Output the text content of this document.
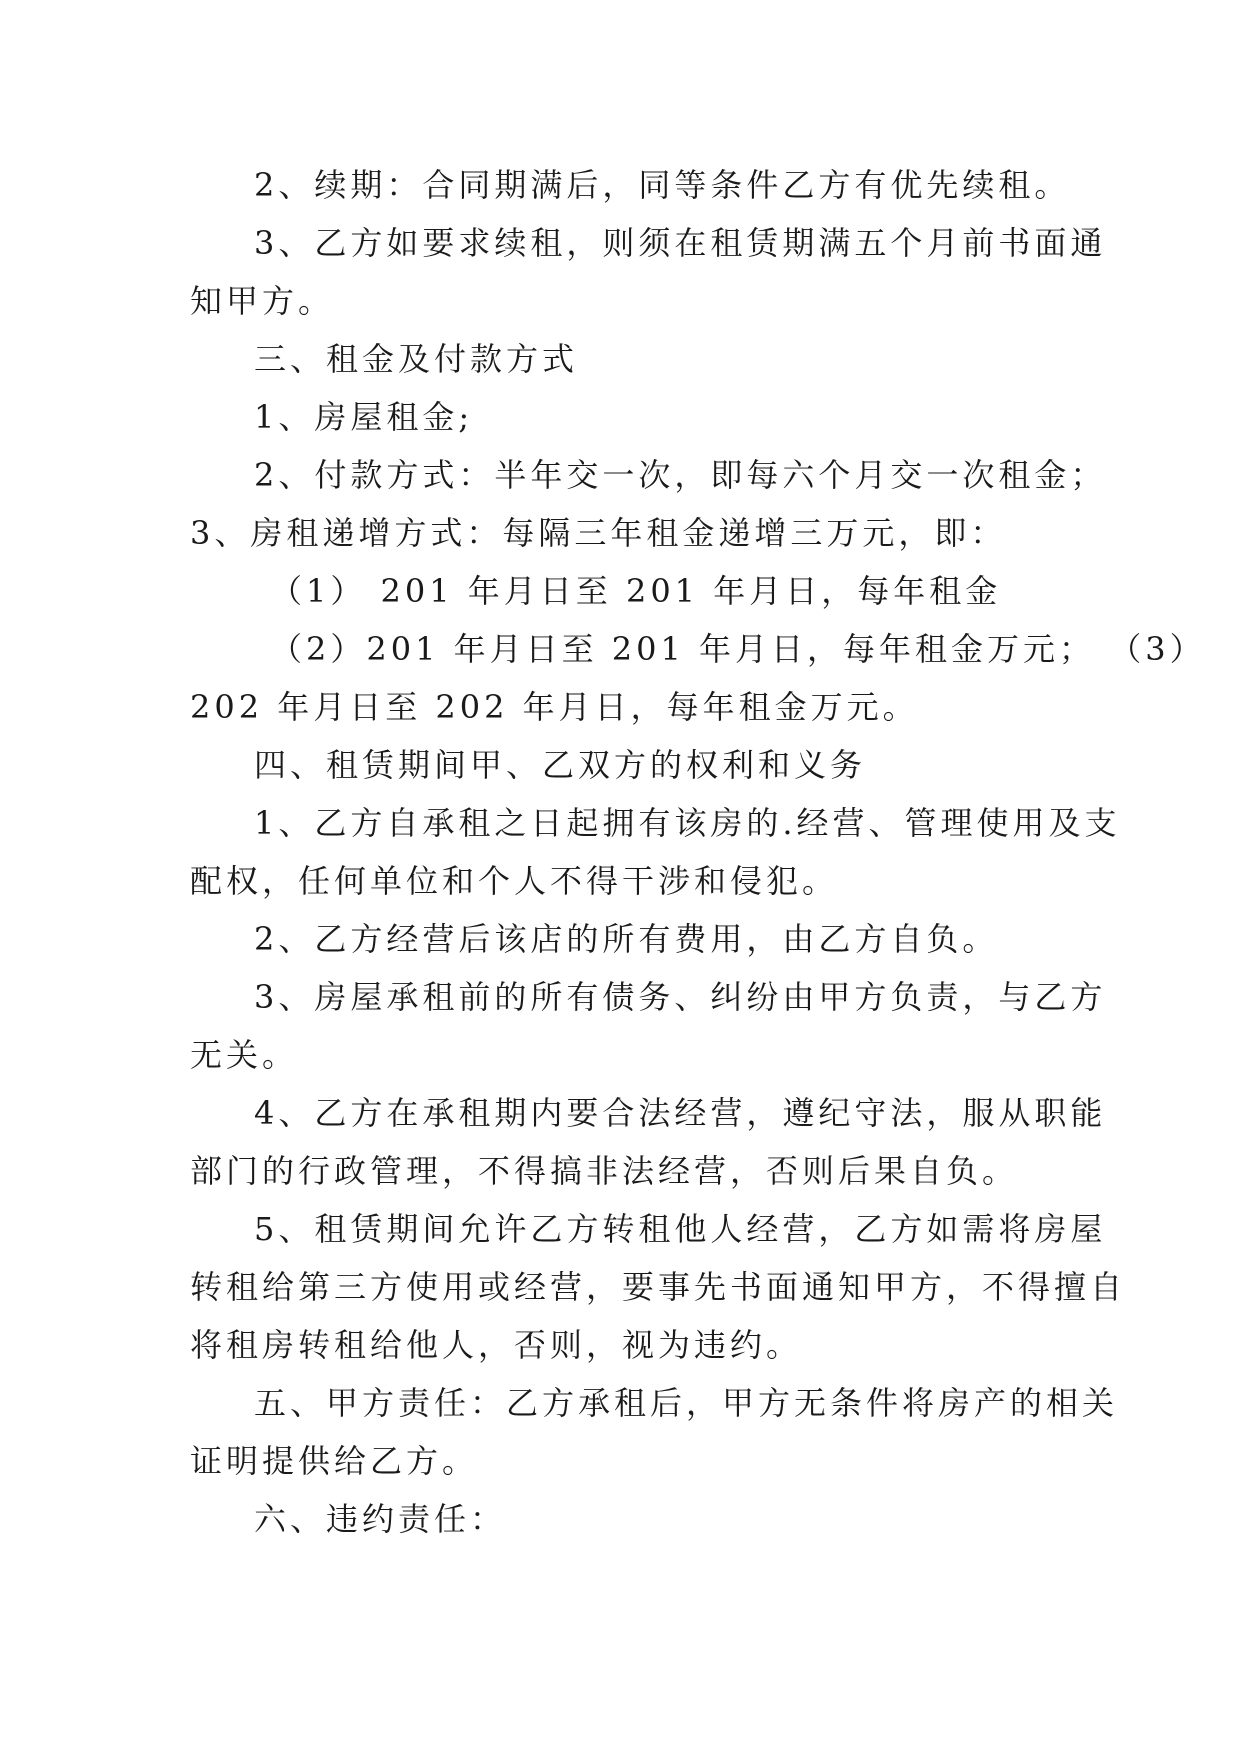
2、续期：合同期满后，同等条件乙方有优先续租。
3、乙方如要求续租，则须在租赁期满五个月前书面通
知甲方。
三、租金及付款方式
1、房屋租金;
2、付款方式：半年交一次，即每六个月交一次租金；
3、房租递增方式：每隔三年租金递增三万元，即：
（1） 201 年月日至 201 年月日，每年租金
（2）201 年月日至 201 年月日，每年租金万元； （3）
202 年月日至 202 年月日，每年租金万元。
四、租赁期间甲、乙双方的权利和义务
1、乙方自承租之日起拥有该房的.经营、管理使用及支
配权，任何单位和个人不得干涉和侵犯。
2、乙方经营后该店的所有费用，由乙方自负。
3、房屋承租前的所有债务、纠纷由甲方负责，与乙方
无关。
4、乙方在承租期内要合法经营，遵纪守法，服从职能
部门的行政管理，不得搞非法经营，否则后果自负。
5、租赁期间允许乙方转租他人经营，乙方如需将房屋
转租给第三方使用或经营，要事先书面通知甲方，不得擅自
将租房转租给他人，否则，视为违约。
五、甲方责任：乙方承租后，甲方无条件将房产的相关
证明提供给乙方。
六、违约责任：
